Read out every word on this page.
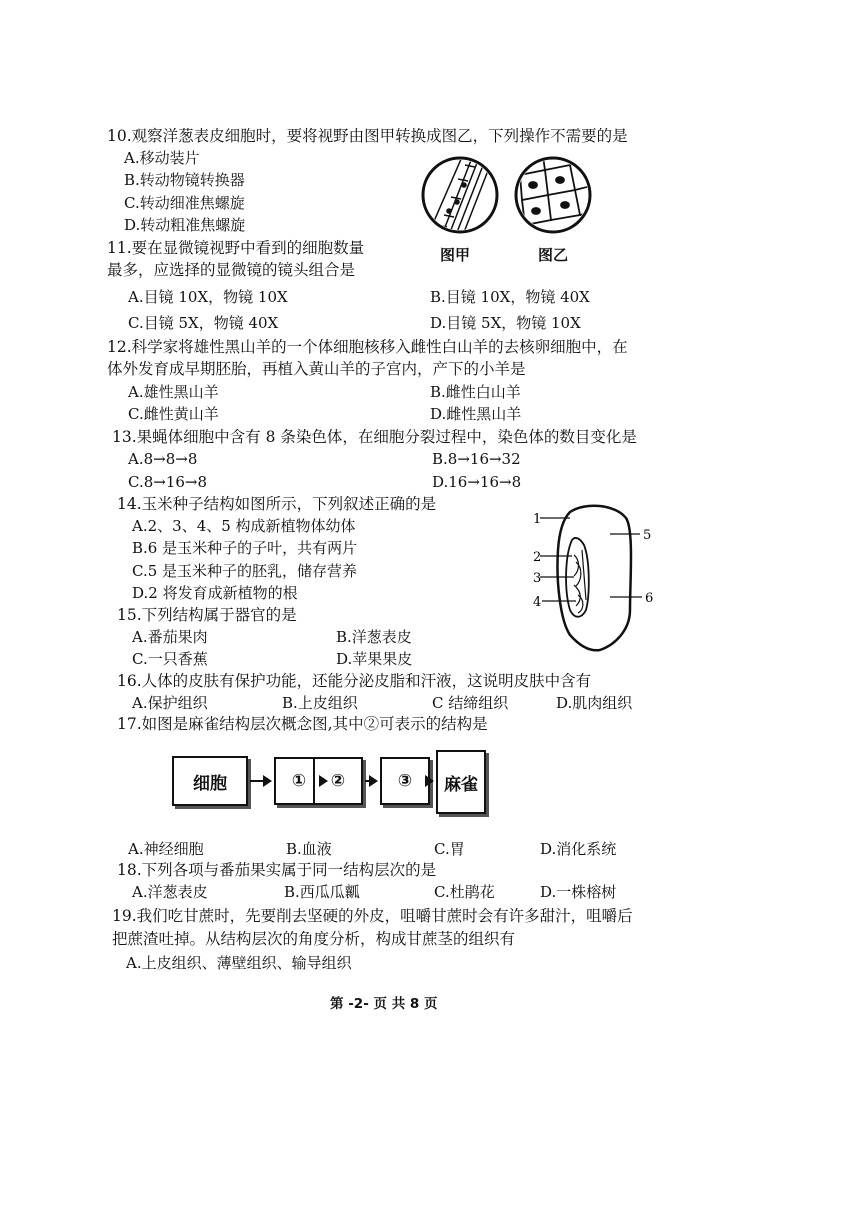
10.观察洋葱表皮细胞时，要将视野由图甲转换成图乙，下列操作不需要的是
A.移动装片
B.转动物镜转换器
C.转动细准焦螺旋
D.转动粗准焦螺旋
图甲	图乙
11.要在显微镜视野中看到的细胞数量
最多，应选择的显微镜的镜头组合是
A.目镜 10X，物镜 10X	B.目镜 10X，物镜 40X
C.目镜 5X，物镜 40X	D.目镜 5X，物镜 10X
12.科学家将雄性黑山羊的一个体细胞核移入雌性白山羊的去核卵细胞中，在
体外发育成早期胚胎，再植入黄山羊的子宫内，产下的小羊是
A.雄性黑山羊	B.雌性白山羊
C.雌性黄山羊	D.雌性黑山羊
13.果蝇体细胞中含有 8 条染色体，在细胞分裂过程中，染色体的数目变化是
A.8→8→8	B.8→16→32
C.8→16→8	D.16→16→8
14.玉米种子结构如图所示，下列叙述正确的是
A.2、3、4、5 构成新植物体幼体
B.6 是玉米种子的子叶，共有两片
C.5 是玉米种子的胚乳，储存营养
D.2 将发育成新植物的根
1
2
3
4
5
6
15.下列结构属于器官的是
A.番茄果肉	B.洋葱表皮
C.一只香蕉	D.苹果果皮
16.人体的皮肤有保护功能，还能分泌皮脂和汗液，这说明皮肤中含有
A.保护组织	B.上皮组织	C 结缔组织	D.肌肉组织
17.如图是麻雀结构层次概念图,其中②可表示的结构是
细胞	①	②	③	麻雀
A.神经细胞	B.血液	C.胃	D.消化系统
18.下列各项与番茄果实属于同一结构层次的是
A.洋葱表皮	B.西瓜瓜瓤	C.杜鹃花	D.一株榕树
19.我们吃甘蔗时，先要削去坚硬的外皮，咀嚼甘蔗时会有许多甜汁，咀嚼后
把蔗渣吐掉。从结构层次的角度分析，构成甘蔗茎的组织有
A.上皮组织、薄壁组织、输导组织
第 -2- 页 共 8 页
